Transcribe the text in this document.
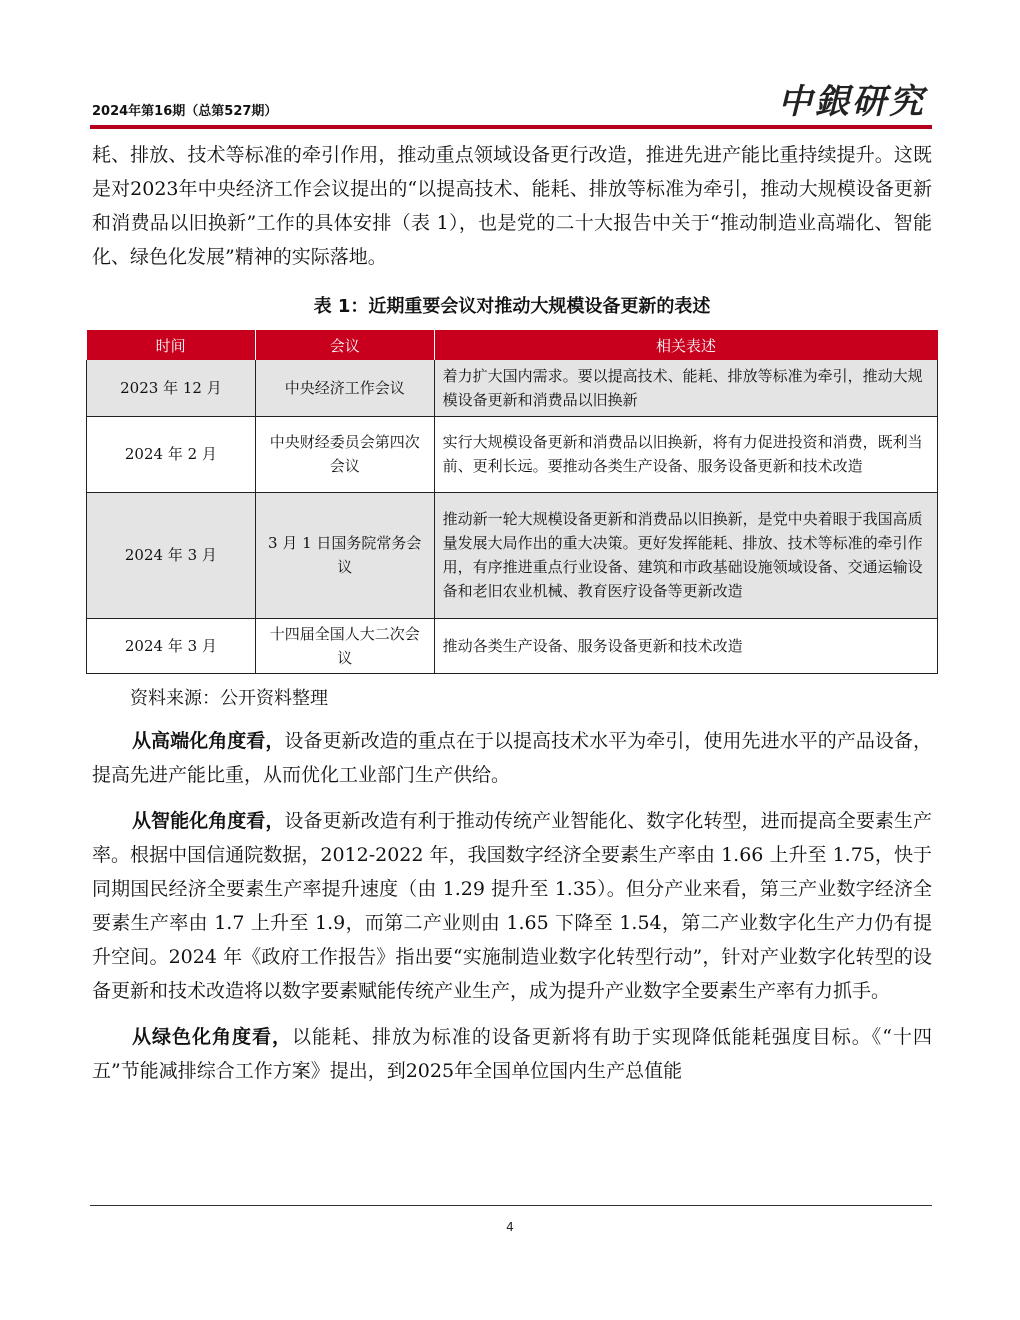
2024年第16期（总第527期）	中銀研究

耗、排放、技术等标准的牵引作用，推动重点领域设备更行改造，推进先进产能比重持续提升。这既是对2023年中央经济工作会议提出的“以提高技术、能耗、排放等标准为牵引，推动大规模设备更新和消费品以旧换新”工作的具体安排（表 1），也是党的二十大报告中关于“推动制造业高端化、智能化、绿色化发展”精神的实际落地。

表 1：近期重要会议对推动大规模设备更新的表述
时间	会议	相关表述
2023 年 12 月	中央经济工作会议	着力扩大国内需求。要以提高技术、能耗、排放等标准为牵引，推动大规模设备更新和消费品以旧换新
2024 年 2 月	中央财经委员会第四次会议	实行大规模设备更新和消费品以旧换新，将有力促进投资和消费，既利当前、更利长远。要推动各类生产设备、服务设备更新和技术改造
2024 年 3 月	3 月 1 日国务院常务会议	推动新一轮大规模设备更新和消费品以旧换新，是党中央着眼于我国高质量发展大局作出的重大决策。更好发挥能耗、排放、技术等标准的牵引作用，有序推进重点行业设备、建筑和市政基础设施领域设备、交通运输设备和老旧农业机械、教育医疗设备等更新改造
2024 年 3 月	十四届全国人大二次会议	推动各类生产设备、服务设备更新和技术改造
资料来源：公开资料整理

从高端化角度看，设备更新改造的重点在于以提高技术水平为牵引，使用先进水平的产品设备，提高先进产能比重，从而优化工业部门生产供给。

从智能化角度看，设备更新改造有利于推动传统产业智能化、数字化转型，进而提高全要素生产率。根据中国信通院数据，2012-2022 年，我国数字经济全要素生产率由 1.66 上升至 1.75，快于同期国民经济全要素生产率提升速度（由 1.29 提升至 1.35）。但分产业来看，第三产业数字经济全要素生产率由 1.7 上升至 1.9，而第二产业则由 1.65 下降至 1.54，第二产业数字化生产力仍有提升空间。2024 年《政府工作报告》指出要“实施制造业数字化转型行动”，针对产业数字化转型的设备更新和技术改造将以数字要素赋能传统产业生产，成为提升产业数字全要素生产率有力抓手。

从绿色化角度看，以能耗、排放为标准的设备更新将有助于实现降低能耗强度目标。《“十四五”节能减排综合工作方案》提出，到2025年全国单位国内生产总值能

4
